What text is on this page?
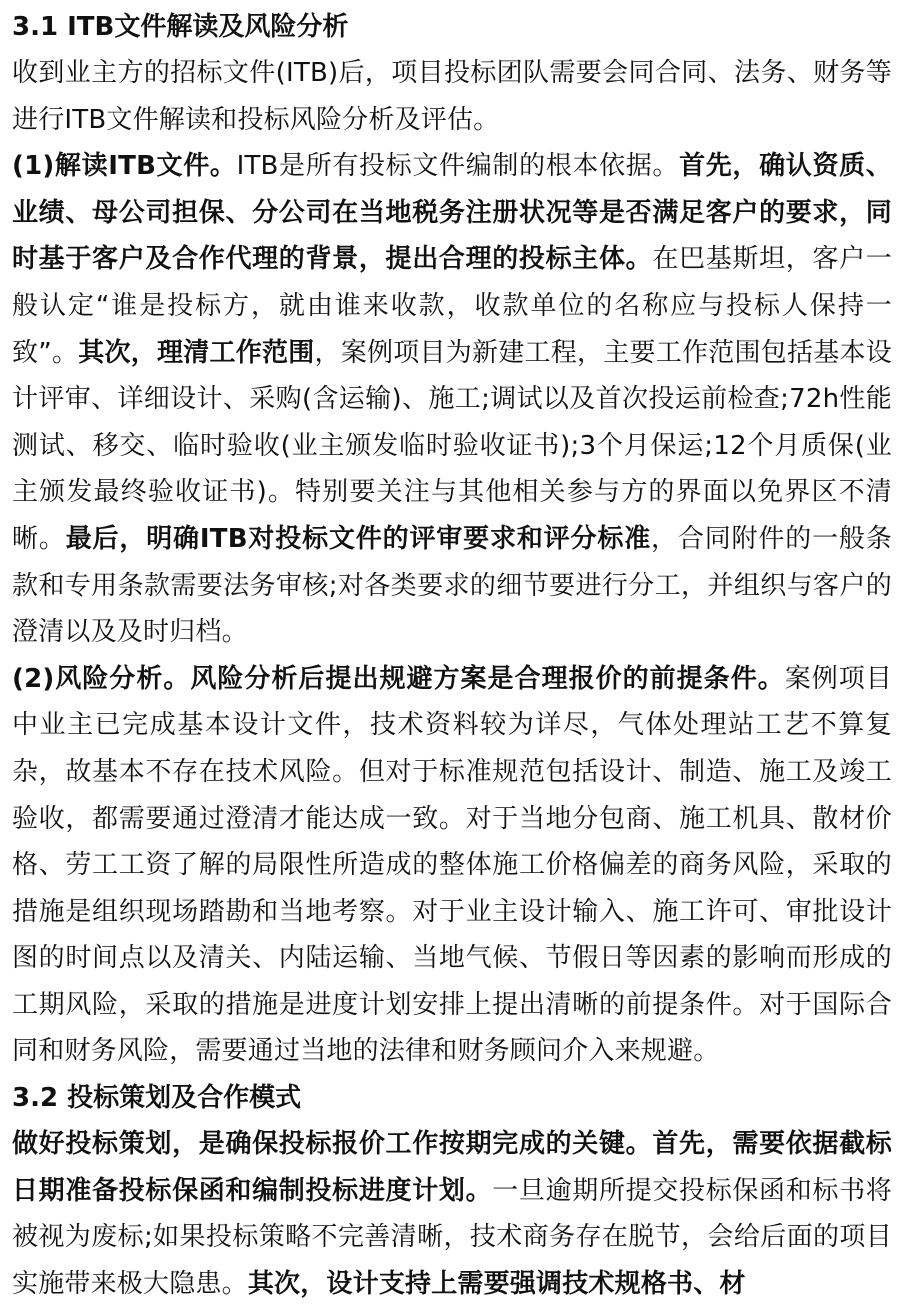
3.1 ITB文件解读及风险分析

收到业主方的招标文件(ITB)后，项目投标团队需要会同合同、法务、财务等进行ITB文件解读和投标风险分析及评估。

(1)解读ITB文件。ITB是所有投标文件编制的根本依据。首先，确认资质、业绩、母公司担保、分公司在当地税务注册状况等是否满足客户的要求，同时基于客户及合作代理的背景，提出合理的投标主体。在巴基斯坦，客户一般认定“谁是投标方，就由谁来收款，收款单位的名称应与投标人保持一致”。其次，理清工作范围，案例项目为新建工程，主要工作范围包括基本设计评审、详细设计、采购(含运输)、施工;调试以及首次投运前检查;72h性能测试、移交、临时验收(业主颁发临时验收证书);3个月保运;12个月质保(业主颁发最终验收证书)。特别要关注与其他相关参与方的界面以免界区不清晰。最后，明确ITB对投标文件的评审要求和评分标准，合同附件的一般条款和专用条款需要法务审核;对各类要求的细节要进行分工，并组织与客户的澄清以及及时归档。

(2)风险分析。风险分析后提出规避方案是合理报价的前提条件。案例项目中业主已完成基本设计文件，技术资料较为详尽，气体处理站工艺不算复杂，故基本不存在技术风险。但对于标准规范包括设计、制造、施工及竣工验收，都需要通过澄清才能达成一致。对于当地分包商、施工机具、散材价格、劳工工资了解的局限性所造成的整体施工价格偏差的商务风险，采取的措施是组织现场踏勘和当地考察。对于业主设计输入、施工许可、审批设计图的时间点以及清关、内陆运输、当地气候、节假日等因素的影响而形成的工期风险，采取的措施是进度计划安排上提出清晰的前提条件。对于国际合同和财务风险，需要通过当地的法律和财务顾问介入来规避。

3.2 投标策划及合作模式

做好投标策划，是确保投标报价工作按期完成的关键。首先，需要依据截标日期准备投标保函和编制投标进度计划。一旦逾期所提交投标保函和标书将被视为废标;如果投标策略不完善清晰，技术商务存在脱节，会给后面的项目实施带来极大隐患。其次，设计支持上需要强调技术规格书、材
